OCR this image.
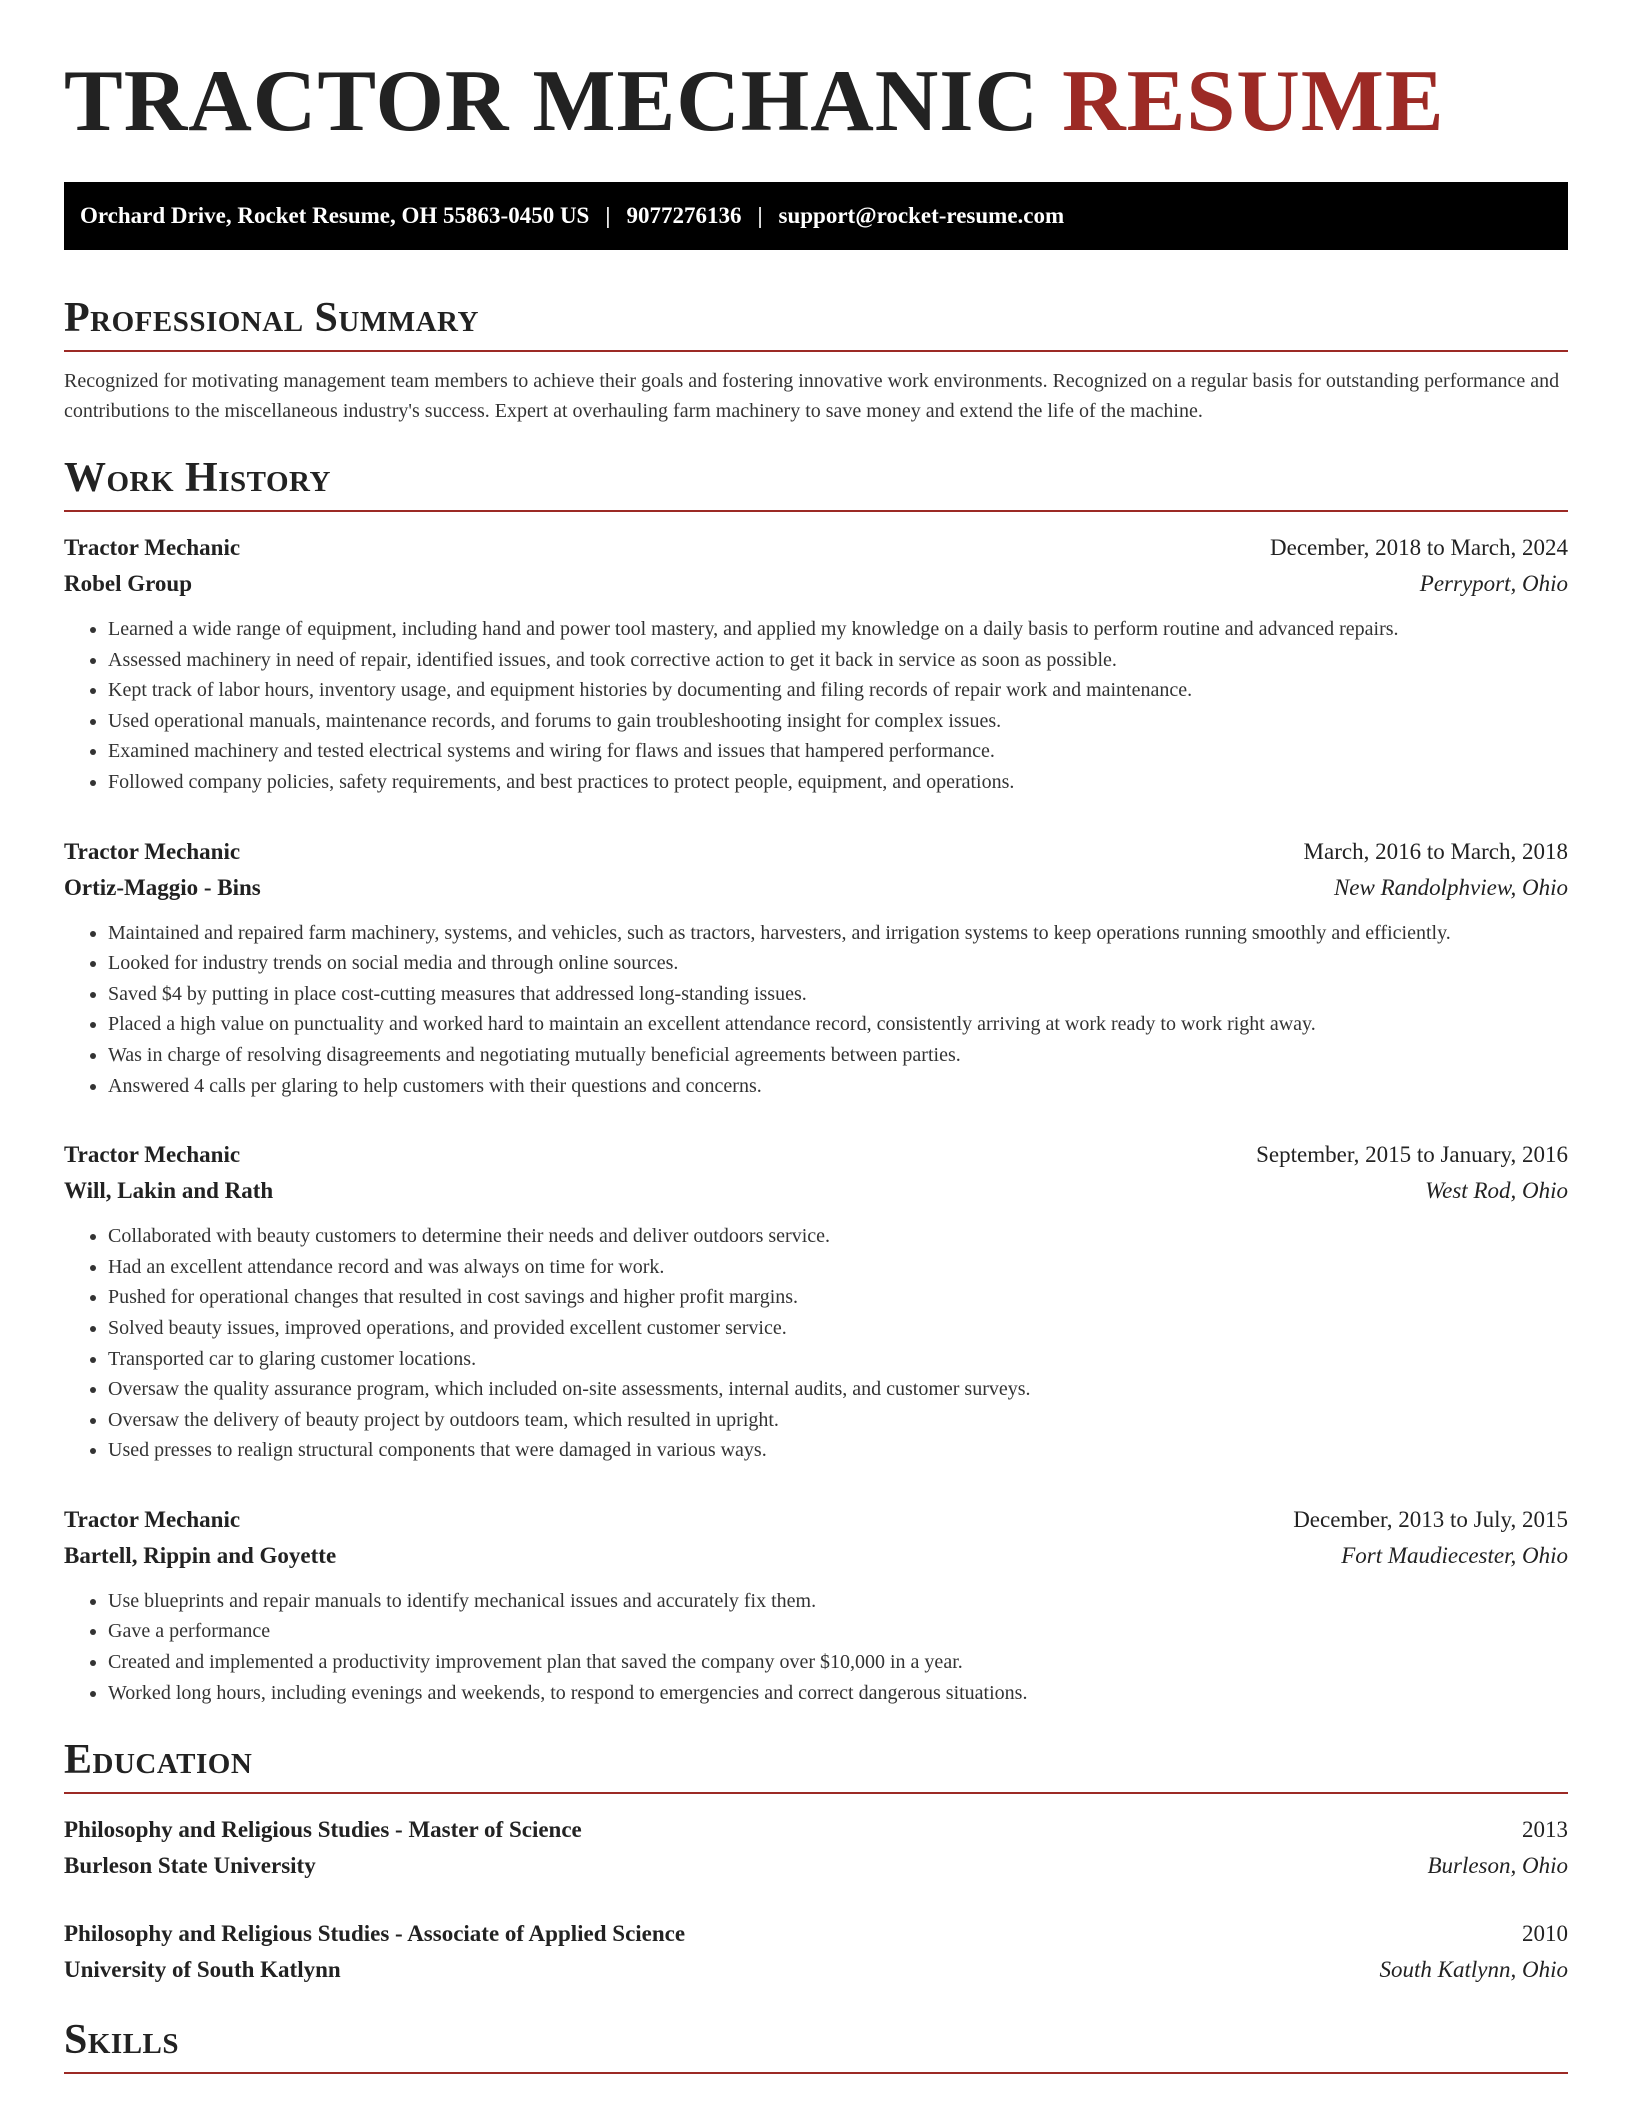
TRACTOR MECHANIC RESUME
Orchard Drive, Rocket Resume, OH 55863-0450 US | 9077276136 | support@rocket-resume.com
Professional Summary

Recognized for motivating management team members to achieve their goals and fostering innovative work environments. Recognized on a regular basis for outstanding performance and contributions to the miscellaneous industry's success. Expert at overhauling farm machinery to save money and extend the life of the machine.

Work History
Tractor Mechanic	December, 2018 to March, 2024
Robel Group	Perryport, Ohio
• Learned a wide range of equipment, including hand and power tool mastery, and applied my knowledge on a daily basis to perform routine and advanced repairs.
• Assessed machinery in need of repair, identified issues, and took corrective action to get it back in service as soon as possible.
• Kept track of labor hours, inventory usage, and equipment histories by documenting and filing records of repair work and maintenance.
• Used operational manuals, maintenance records, and forums to gain troubleshooting insight for complex issues.
• Examined machinery and tested electrical systems and wiring for flaws and issues that hampered performance.
• Followed company policies, safety requirements, and best practices to protect people, equipment, and operations.
Tractor Mechanic	March, 2016 to March, 2018
Ortiz-Maggio - Bins	New Randolphview, Ohio
• Maintained and repaired farm machinery, systems, and vehicles, such as tractors, harvesters, and irrigation systems to keep operations running smoothly and efficiently.
• Looked for industry trends on social media and through online sources.
• Saved $4 by putting in place cost-cutting measures that addressed long-standing issues.
• Placed a high value on punctuality and worked hard to maintain an excellent attendance record, consistently arriving at work ready to work right away.
• Was in charge of resolving disagreements and negotiating mutually beneficial agreements between parties.
• Answered 4 calls per glaring to help customers with their questions and concerns.
Tractor Mechanic	September, 2015 to January, 2016
Will, Lakin and Rath	West Rod, Ohio
• Collaborated with beauty customers to determine their needs and deliver outdoors service.
• Had an excellent attendance record and was always on time for work.
• Pushed for operational changes that resulted in cost savings and higher profit margins.
• Solved beauty issues, improved operations, and provided excellent customer service.
• Transported car to glaring customer locations.
• Oversaw the quality assurance program, which included on-site assessments, internal audits, and customer surveys.
• Oversaw the delivery of beauty project by outdoors team, which resulted in upright.
• Used presses to realign structural components that were damaged in various ways.
Tractor Mechanic	December, 2013 to July, 2015
Bartell, Rippin and Goyette	Fort Maudiecester, Ohio
• Use blueprints and repair manuals to identify mechanical issues and accurately fix them.
• Gave a performance
• Created and implemented a productivity improvement plan that saved the company over $10,000 in a year.
• Worked long hours, including evenings and weekends, to respond to emergencies and correct dangerous situations.
Education
Philosophy and Religious Studies - Master of Science	2013
Burleson State University	Burleson, Ohio
Philosophy and Religious Studies - Associate of Applied Science	2010
University of South Katlynn	South Katlynn, Ohio
Skills
